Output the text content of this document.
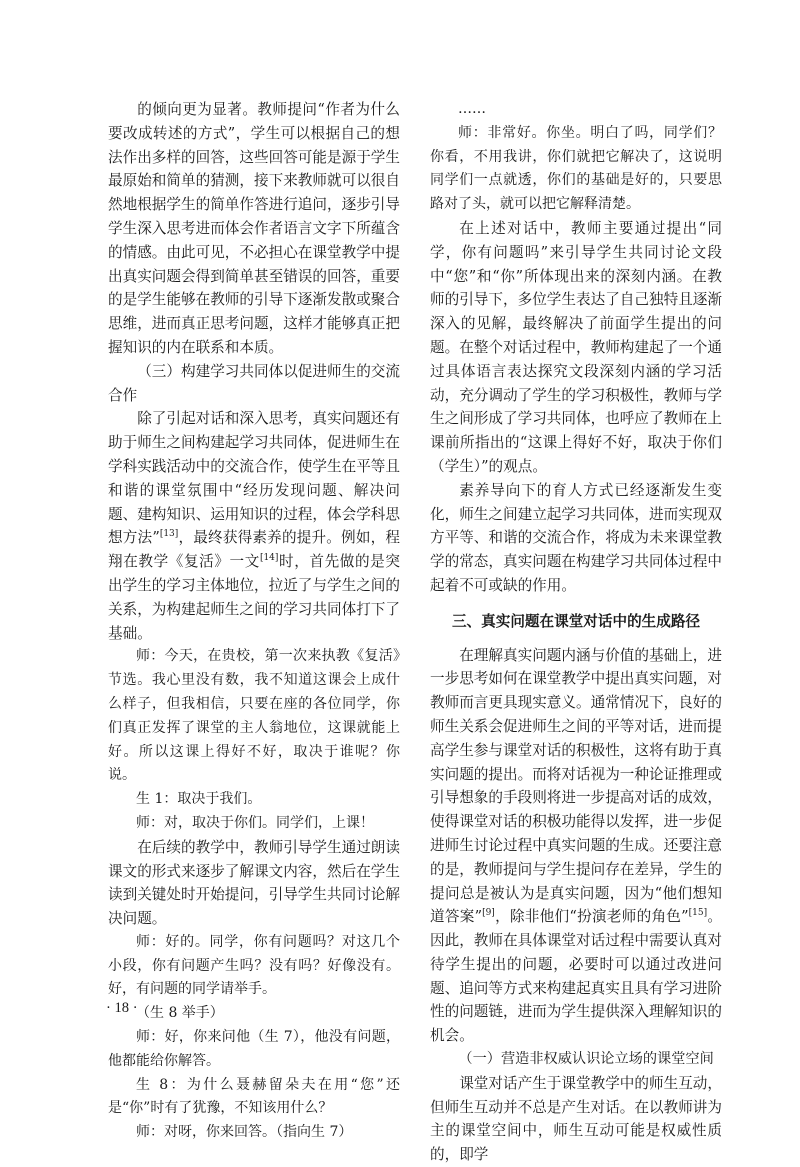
的倾向更为显著。教师提问“作者为什么要改成转述的方式”，学生可以根据自己的想法作出多样的回答，这些回答可能是源于学生最原始和简单的猜测，接下来教师就可以很自然地根据学生的简单作答进行追问，逐步引导学生深入思考进而体会作者语言文字下所蕴含的情感。由此可见，不必担心在课堂教学中提出真实问题会得到简单甚至错误的回答，重要的是学生能够在教师的引导下逐渐发散或聚合思维，进而真正思考问题，这样才能够真正把握知识的内在联系和本质。

（三）构建学习共同体以促进师生的交流合作

除了引起对话和深入思考，真实问题还有助于师生之间构建起学习共同体，促进师生在学科实践活动中的交流合作，使学生在平等且和谐的课堂氛围中“经历发现问题、解决问题、建构知识、运用知识的过程，体会学科思想方法”[13]，最终获得素养的提升。例如，程翔在教学《复活》一文[14]时，首先做的是突出学生的学习主体地位，拉近了与学生之间的关系，为构建起师生之间的学习共同体打下了基础。

师：今天，在贵校，第一次来执教《复活》节选。我心里没有数，我不知道这课会上成什么样子，但我相信，只要在座的各位同学，你们真正发挥了课堂的主人翁地位，这课就能上好。所以这课上得好不好，取决于谁呢？你说。

生 1：取决于我们。

师：对，取决于你们。同学们，上课！

在后续的教学中，教师引导学生通过朗读课文的形式来逐步了解课文内容，然后在学生读到关键处时开始提问，引导学生共同讨论解决问题。

师：好的。同学，你有问题吗？对这几个小段，你有问题产生吗？没有吗？好像没有。好，有问题的同学请举手。

（生 8 举手）

师：好，你来问他（生 7），他没有问题，他都能给你解答。

生 8：为什么聂赫留朵夫在用“您”还是“你”时有了犹豫，不知该用什么？

师：对呀，你来回答。（指向生 7）

……

师：非常好。你坐。明白了吗，同学们？你看，不用我讲，你们就把它解决了，这说明同学们一点就透，你们的基础是好的，只要思路对了头，就可以把它解释清楚。

在上述对话中，教师主要通过提出“同学，你有问题吗”来引导学生共同讨论文段中“您”和“你”所体现出来的深刻内涵。在教师的引导下，多位学生表达了自己独特且逐渐深入的见解，最终解决了前面学生提出的问题。在整个对话过程中，教师构建起了一个通过具体语言表达探究文段深刻内涵的学习活动，充分调动了学生的学习积极性，教师与学生之间形成了学习共同体，也呼应了教师在上课前所指出的“这课上得好不好，取决于你们（学生）”的观点。

素养导向下的育人方式已经逐渐发生变化，师生之间建立起学习共同体，进而实现双方平等、和谐的交流合作，将成为未来课堂教学的常态，真实问题在构建学习共同体过程中起着不可或缺的作用。

三、真实问题在课堂对话中的生成路径

在理解真实问题内涵与价值的基础上，进一步思考如何在课堂教学中提出真实问题，对教师而言更具现实意义。通常情况下，良好的师生关系会促进师生之间的平等对话，进而提高学生参与课堂对话的积极性，这将有助于真实问题的提出。而将对话视为一种论证推理或引导想象的手段则将进一步提高对话的成效，使得课堂对话的积极功能得以发挥，进一步促进师生讨论过程中真实问题的生成。还要注意的是，教师提问与学生提问存在差异，学生的提问总是被认为是真实问题，因为“他们想知道答案”[9]，除非他们“扮演老师的角色”[15]。因此，教师在具体课堂对话过程中需要认真对待学生提出的问题，必要时可以通过改进问题、追问等方式来构建起真实且具有学习进阶性的问题链，进而为学生提供深入理解知识的机会。

（一）营造非权威认识论立场的课堂空间

课堂对话产生于课堂教学中的师生互动，但师生互动并不总是产生对话。在以教师讲为主的课堂空间中，师生互动可能是权威性质的，即学

· 18 ·
